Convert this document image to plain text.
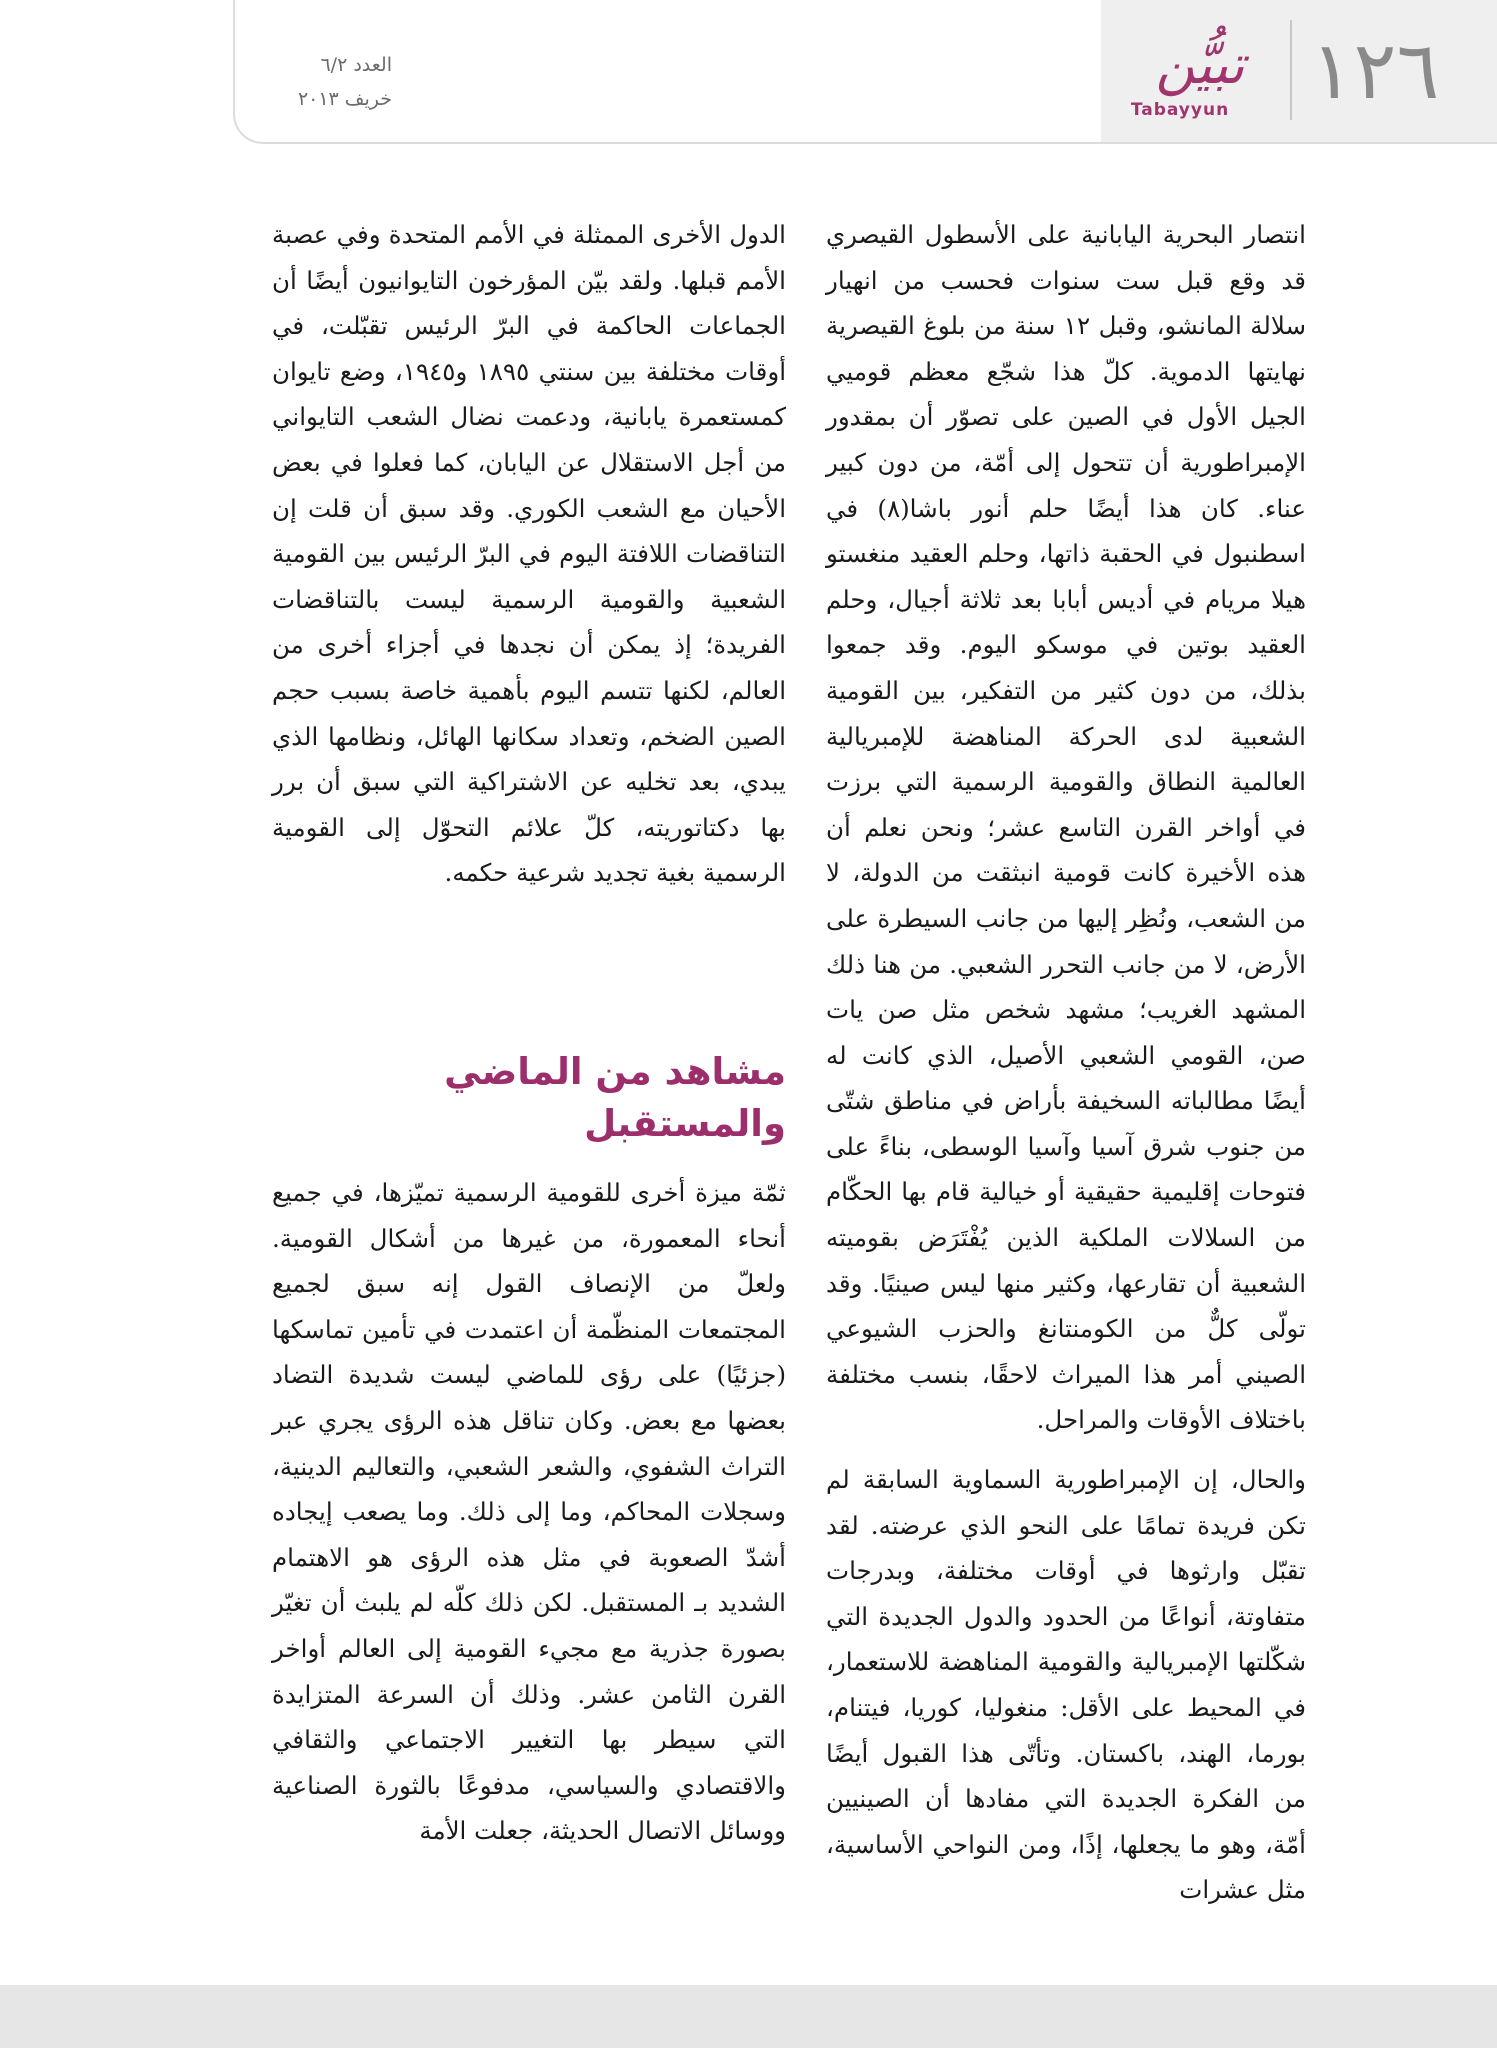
١٢٦
تبيُّن
Tabayyun
العدد ٦/٢
خريف ٢٠١٣

انتصار البحرية اليابانية على الأسطول القيصري قد وقع قبل ست سنوات فحسب من انهيار سلالة المانشو، وقبل ١٢ سنة من بلوغ القيصرية نهايتها الدموية. كلّ هذا شجّع معظم قوميي الجيل الأول في الصين على تصوّر أن بمقدور الإمبراطورية أن تتحول إلى أمّة، من دون كبير عناء. كان هذا أيضًا حلم أنور باشا(٨) في اسطنبول في الحقبة ذاتها، وحلم العقيد منغستو هيلا مريام في أديس أبابا بعد ثلاثة أجيال، وحلم العقيد بوتين في موسكو اليوم. وقد جمعوا بذلك، من دون كثير من التفكير، بين القومية الشعبية لدى الحركة المناهضة للإمبريالية العالمية النطاق والقومية الرسمية التي برزت في أواخر القرن التاسع عشر؛ ونحن نعلم أن هذه الأخيرة كانت قومية انبثقت من الدولة، لا من الشعب، ونُظِر إليها من جانب السيطرة على الأرض، لا من جانب التحرر الشعبي. من هنا ذلك المشهد الغريب؛ مشهد شخص مثل صن يات صن، القومي الشعبي الأصيل، الذي كانت له أيضًا مطالباته السخيفة بأراض في مناطق شتّى من جنوب شرق آسيا وآسيا الوسطى، بناءً على فتوحات إقليمية حقيقية أو خيالية قام بها الحكّام من السلالات الملكية الذين يُفْتَرَض بقوميته الشعبية أن تقارعها، وكثير منها ليس صينيًا. وقد تولّى كلٌّ من الكومنتانغ والحزب الشيوعي الصيني أمر هذا الميراث لاحقًا، بنسب مختلفة باختلاف الأوقات والمراحل.

والحال، إن الإمبراطورية السماوية السابقة لم تكن فريدة تمامًا على النحو الذي عرضته. لقد تقبّل وارثوها في أوقات مختلفة، وبدرجات متفاوتة، أنواعًا من الحدود والدول الجديدة التي شكّلتها الإمبريالية والقومية المناهضة للاستعمار، في المحيط على الأقل: منغوليا، كوريا، فيتنام، بورما، الهند، باكستان. وتأتّى هذا القبول أيضًا من الفكرة الجديدة التي مفادها أن الصينيين أمّة، وهو ما يجعلها، إذًا، ومن النواحي الأساسية، مثل عشرات

الدول الأخرى الممثلة في الأمم المتحدة وفي عصبة الأمم قبلها. ولقد بيّن المؤرخون التايوانيون أيضًا أن الجماعات الحاكمة في البرّ الرئيس تقبّلت، في أوقات مختلفة بين سنتي ١٨٩٥ و١٩٤٥، وضع تايوان كمستعمرة يابانية، ودعمت نضال الشعب التايواني من أجل الاستقلال عن اليابان، كما فعلوا في بعض الأحيان مع الشعب الكوري. وقد سبق أن قلت إن التناقضات اللافتة اليوم في البرّ الرئيس بين القومية الشعبية والقومية الرسمية ليست بالتناقضات الفريدة؛ إذ يمكن أن نجدها في أجزاء أخرى من العالم، لكنها تتسم اليوم بأهمية خاصة بسبب حجم الصين الضخم، وتعداد سكانها الهائل، ونظامها الذي يبدي، بعد تخليه عن الاشتراكية التي سبق أن برر بها دكتاتوريته، كلّ علائم التحوّل إلى القومية الرسمية بغية تجديد شرعية حكمه.

مشاهد من الماضي والمستقبل

ثمّة ميزة أخرى للقومية الرسمية تميّزها، في جميع أنحاء المعمورة، من غيرها من أشكال القومية. ولعلّ من الإنصاف القول إنه سبق لجميع المجتمعات المنظّمة أن اعتمدت في تأمين تماسكها (جزئيًا) على رؤى للماضي ليست شديدة التضاد بعضها مع بعض. وكان تناقل هذه الرؤى يجري عبر التراث الشفوي، والشعر الشعبي، والتعاليم الدينية، وسجلات المحاكم، وما إلى ذلك. وما يصعب إيجاده أشدّ الصعوبة في مثل هذه الرؤى هو الاهتمام الشديد بـ المستقبل. لكن ذلك كلّه لم يلبث أن تغيّر بصورة جذرية مع مجيء القومية إلى العالم أواخر القرن الثامن عشر. وذلك أن السرعة المتزايدة التي سيطر بها التغيير الاجتماعي والثقافي والاقتصادي والسياسي، مدفوعًا بالثورة الصناعية ووسائل الاتصال الحديثة، جعلت الأمة
